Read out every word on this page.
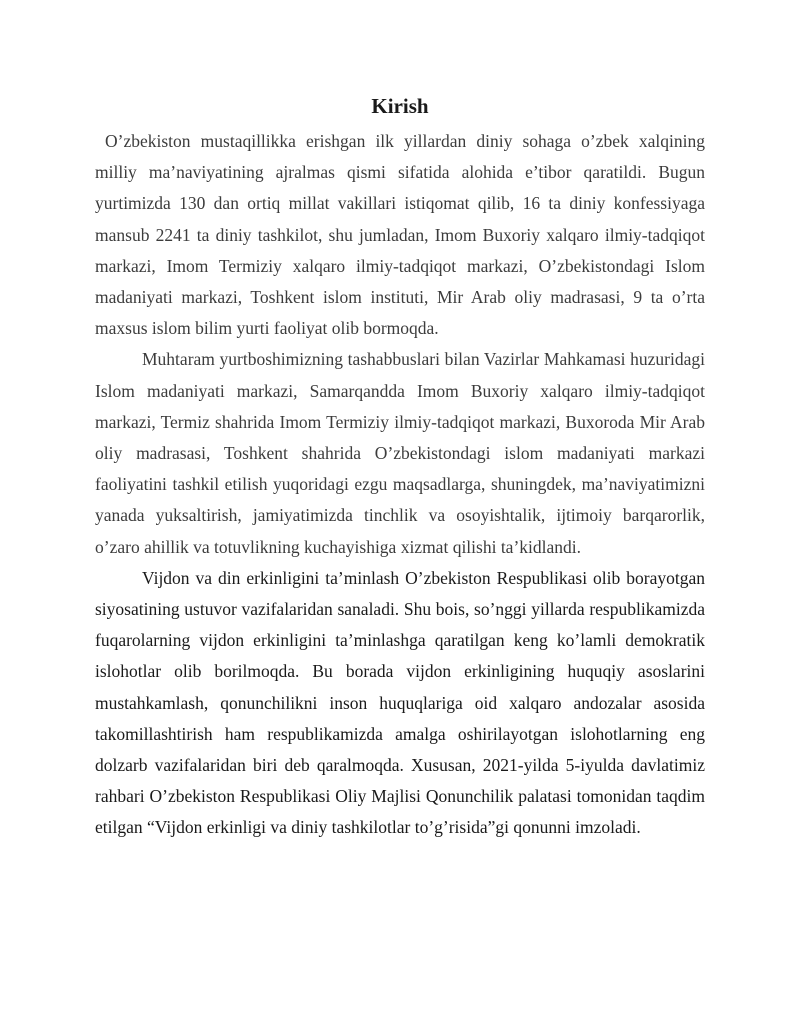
Kirish

O’zbekiston mustaqillikka erishgan ilk yillardan diniy sohaga o’zbek xalqining milliy ma’naviyatining ajralmas qismi sifatida alohida e’tibor qaratildi. Bugun yurtimizda 130 dan ortiq millat vakillari istiqomat qilib, 16 ta diniy konfessiyaga mansub 2241 ta diniy tashkilot, shu jumladan, Imom Buxoriy xalqaro ilmiy-tadqiqot markazi, Imom Termiziy xalqaro ilmiy-tadqiqot markazi, O’zbekistondagi Islom madaniyati markazi, Toshkent islom instituti, Mir Arab oliy madrasasi, 9 ta o’rta maxsus islom bilim yurti faoliyat olib bormoqda.

Muhtaram yurtboshimizning tashabbuslari bilan Vazirlar Mahkamasi huzuridagi Islom madaniyati markazi, Samarqandda Imom Buxoriy xalqaro ilmiy-tadqiqot markazi, Termiz shahrida Imom Termiziy ilmiy-tadqiqot markazi, Buxoroda Mir Arab oliy madrasasi, Toshkent shahrida O’zbekistondagi islom madaniyati markazi faoliyatini tashkil etilish yuqoridagi ezgu maqsadlarga, shuningdek, ma’naviyatimizni yanada yuksaltirish, jamiyatimizda tinchlik va osoyishtalik, ijtimoiy barqarorlik, o’zaro ahillik va totuvlikning kuchayishiga xizmat qilishi ta’kidlandi.

Vijdon va din erkinligini ta’minlash O’zbekiston Respublikasi olib borayotgan siyosatining ustuvor vazifalaridan sanaladi. Shu bois, so’nggi yillarda respublikamizda fuqarolarning vijdon erkinligini ta’minlashga qaratilgan keng ko’lamli demokratik islohotlar olib borilmoqda. Bu borada vijdon erkinligining huquqiy asoslarini mustahkamlash, qonunchilikni inson huquqlariga oid xalqaro andozalar asosida takomillashtirish ham respublikamizda amalga oshirilayotgan islohotlarning eng dolzarb vazifalaridan biri deb qaralmoqda. Xususan, 2021-yilda 5-iyulda davlatimiz rahbari O’zbekiston Respublikasi Oliy Majlisi Qonunchilik palatasi tomonidan taqdim etilgan “Vijdon erkinligi va diniy tashkilotlar to’g’risida”gi qonunni imzoladi.
